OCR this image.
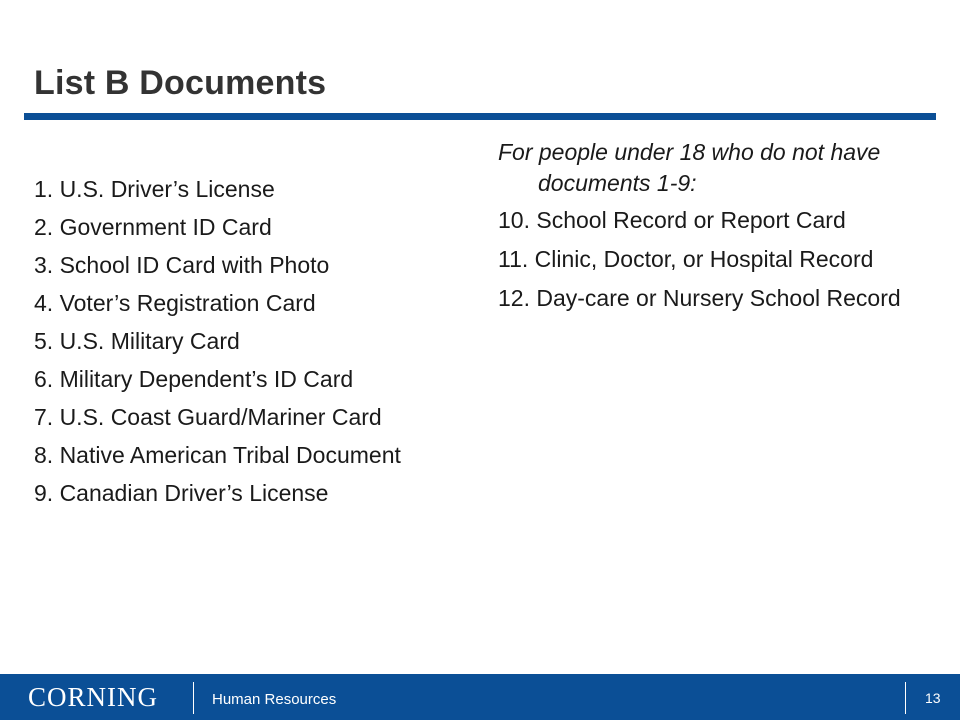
List B Documents
1. U.S. Driver’s License
2. Government ID Card
3. School ID Card with Photo
4. Voter’s Registration Card
5. U.S. Military Card
6. Military Dependent’s ID Card
7. U.S. Coast Guard/Mariner Card
8. Native American Tribal Document
9. Canadian Driver’s License

For people under 18 who do not have documents 1-9:

10. School Record or Report Card
11. Clinic, Doctor, or Hospital Record
12. Day-care or Nursery School Record
CORNING	Human Resources	13
